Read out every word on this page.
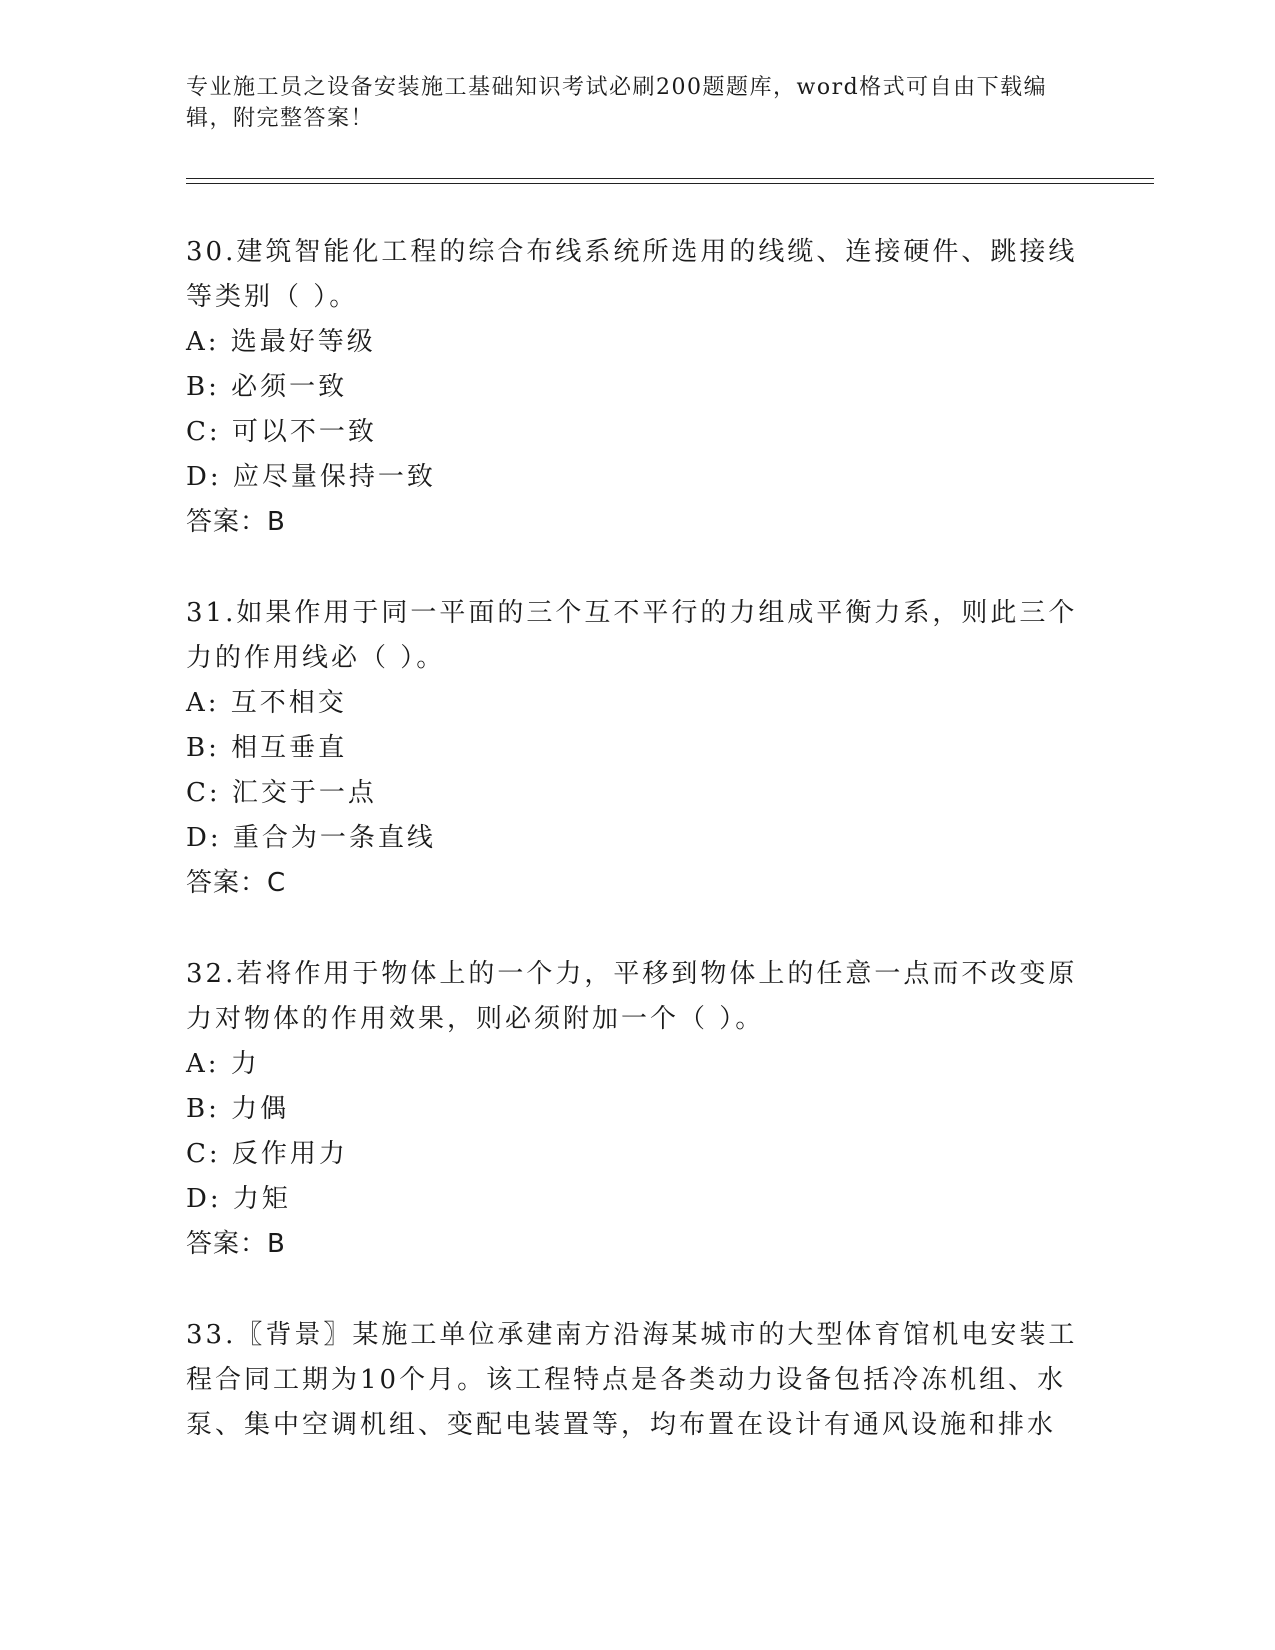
专业施工员之设备安装施工基础知识考试必刷200题题库，word格式可自由下载编辑，附完整答案！
30.建筑智能化工程的综合布线系统所选用的线缆、连接硬件、跳接线等类别（ ）。
A: 选最好等级
B: 必须一致
C: 可以不一致
D: 应尽量保持一致
答案：B
31.如果作用于同一平面的三个互不平行的力组成平衡力系，则此三个力的作用线必（ ）。
A: 互不相交
B: 相互垂直
C: 汇交于一点
D: 重合为一条直线
答案：C
32.若将作用于物体上的一个力，平移到物体上的任意一点而不改变原力对物体的作用效果，则必须附加一个（ ）。
A: 力
B: 力偶
C: 反作用力
D: 力矩
答案：B
33.〖背景〗某施工单位承建南方沿海某城市的大型体育馆机电安装工程合同工期为10个月。该工程特点是各类动力设备包括冷冻机组、水泵、集中空调机组、变配电装置等，均布置在设计有通风设施和排水
